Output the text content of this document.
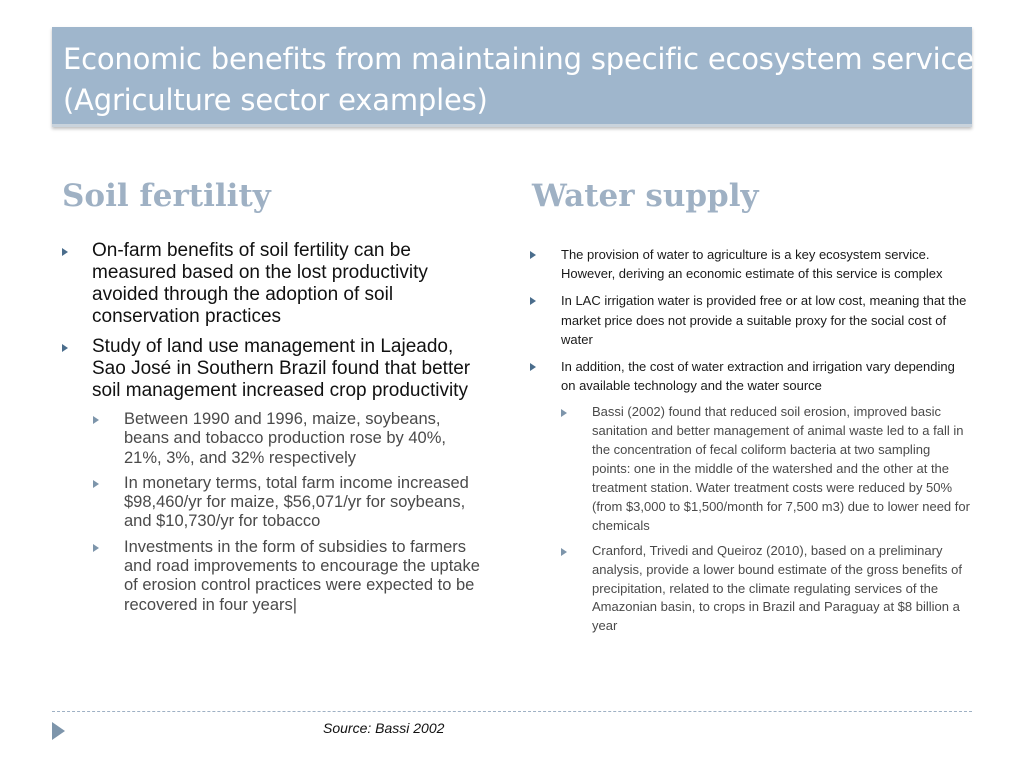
Economic benefits from maintaining specific ecosystem services
(Agriculture sector examples)
Soil fertility	Water supply
On-farm benefits of soil fertility can be measured based on the lost productivity avoided through the adoption of soil conservation practices
Study of land use management in Lajeado, Sao José in Southern Brazil found that better soil management increased crop productivity
Between 1990 and 1996, maize, soybeans, beans and tobacco production rose by 40%, 21%, 3%, and 32% respectively
In monetary terms, total farm income increased $98,460/yr for maize, $56,071/yr for soybeans, and $10,730/yr for tobacco
Investments in the form of subsidies to farmers and road improvements to encourage the uptake of erosion control practices were expected to be recovered in four years|
The provision of water to agriculture is a key ecosystem service. However, deriving an economic estimate of this service is complex
In LAC irrigation water is provided free or at low cost, meaning that the market price does not provide a suitable proxy for the social cost of water
In addition, the cost of water extraction and irrigation vary depending on available technology and the water source
Bassi (2002) found that reduced soil erosion, improved basic sanitation and better management of animal waste led to a fall in the concentration of fecal coliform bacteria at two sampling points: one in the middle of the watershed and the other at the treatment station. Water treatment costs were reduced by 50% (from $3,000 to $1,500/month for 7,500 m3) due to lower need for chemicals
Cranford, Trivedi and Queiroz (2010), based on a preliminary analysis, provide a lower bound estimate of the gross benefits of precipitation, related to the climate regulating services of the Amazonian basin, to crops in Brazil and Paraguay at $8 billion a year
Source: Bassi 2002
